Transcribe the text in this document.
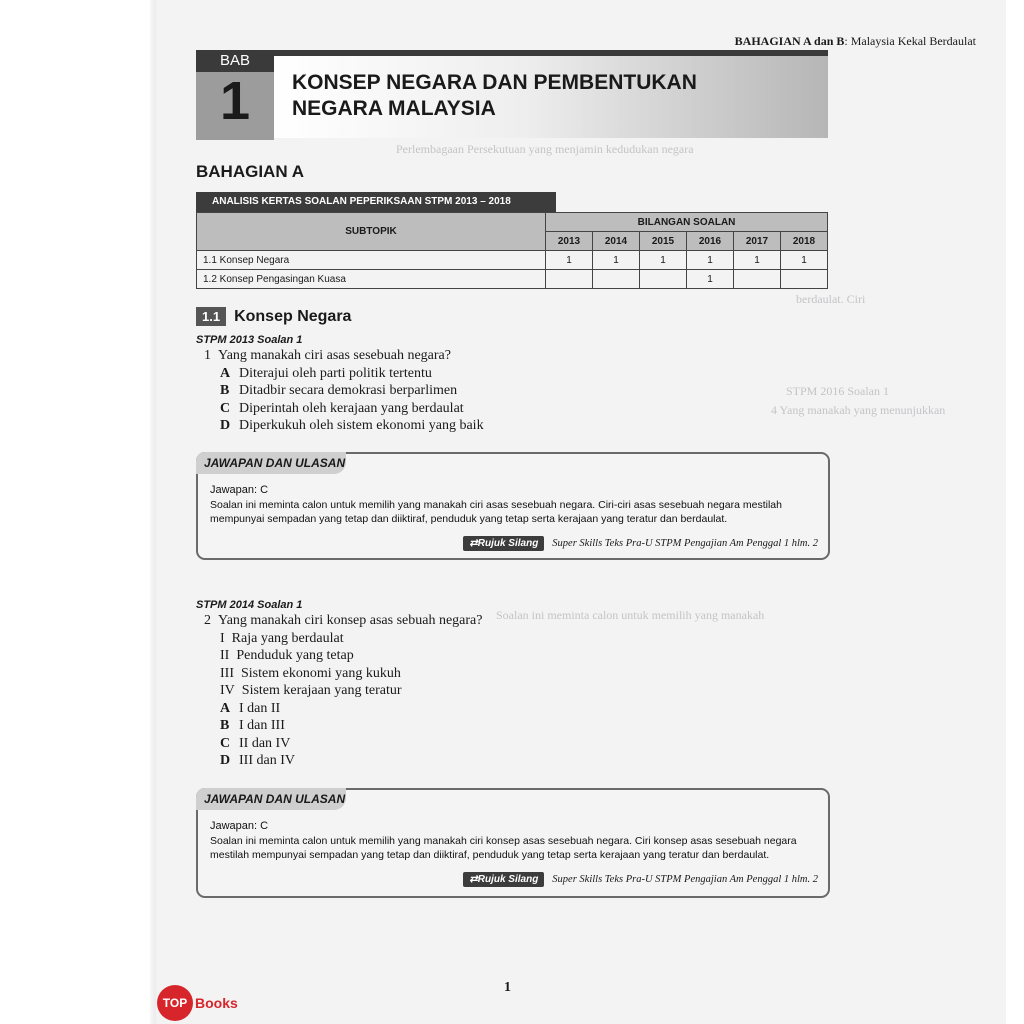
BAHAGIAN A dan B: Malaysia Kekal Berdaulat
Perlembagaan Persekutuan yang menjamin kedudukan negara
berdaulat. Ciri
STPM 2016 Soalan 1
4 Yang manakah yang menunjukkan
Soalan ini meminta calon untuk memilih yang manakah
BAB
1	KONSEP NEGARA DAN PEMBENTUKAN
NEGARA MALAYSIA
BAHAGIAN A
ANALISIS KERTAS SOALAN PEPERIKSAAN STPM 2013 – 2018
SUBTOPIK	BILANGAN SOALAN					
	2013	2014	2015	2016	2017	2018
1.1 Konsep Negara	1	1	1	1	1	1
1.2 Konsep Pengasingan Kuasa				1		
1.1 Konsep Negara
STPM 2013 Soalan 1
1 Yang manakah ciri asas sesebuah negara?
A Diterajui oleh parti politik tertentu
B Ditadbir secara demokrasi berparlimen
C Diperintah oleh kerajaan yang berdaulat
D Diperkukuh oleh sistem ekonomi yang baik
JAWAPAN DAN ULASAN
Jawapan: C
Soalan ini meminta calon untuk memilih yang manakah ciri asas sesebuah negara. Ciri-ciri asas sesebuah negara mestilah mempunyai sempadan yang tetap dan diiktiraf, penduduk yang tetap serta kerajaan yang teratur dan berdaulat.
⇄Rujuk Silang	Super Skills Teks Pra-U STPM Pengajian Am Penggal 1 hlm. 2
STPM 2014 Soalan 1
2 Yang manakah ciri konsep asas sebuah negara?
I Raja yang berdaulat
II Penduduk yang tetap
III Sistem ekonomi yang kukuh
IV Sistem kerajaan yang teratur
A I dan II
B I dan III
C II dan IV
D III dan IV
JAWAPAN DAN ULASAN
Jawapan: C
Soalan ini meminta calon untuk memilih yang manakah ciri konsep asas sesebuah negara. Ciri konsep asas sesebuah negara mestilah mempunyai sempadan yang tetap dan diiktiraf, penduduk yang tetap serta kerajaan yang teratur dan berdaulat.
⇄Rujuk Silang	Super Skills Teks Pra-U STPM Pengajian Am Penggal 1 hlm. 2
1
TOP Books
